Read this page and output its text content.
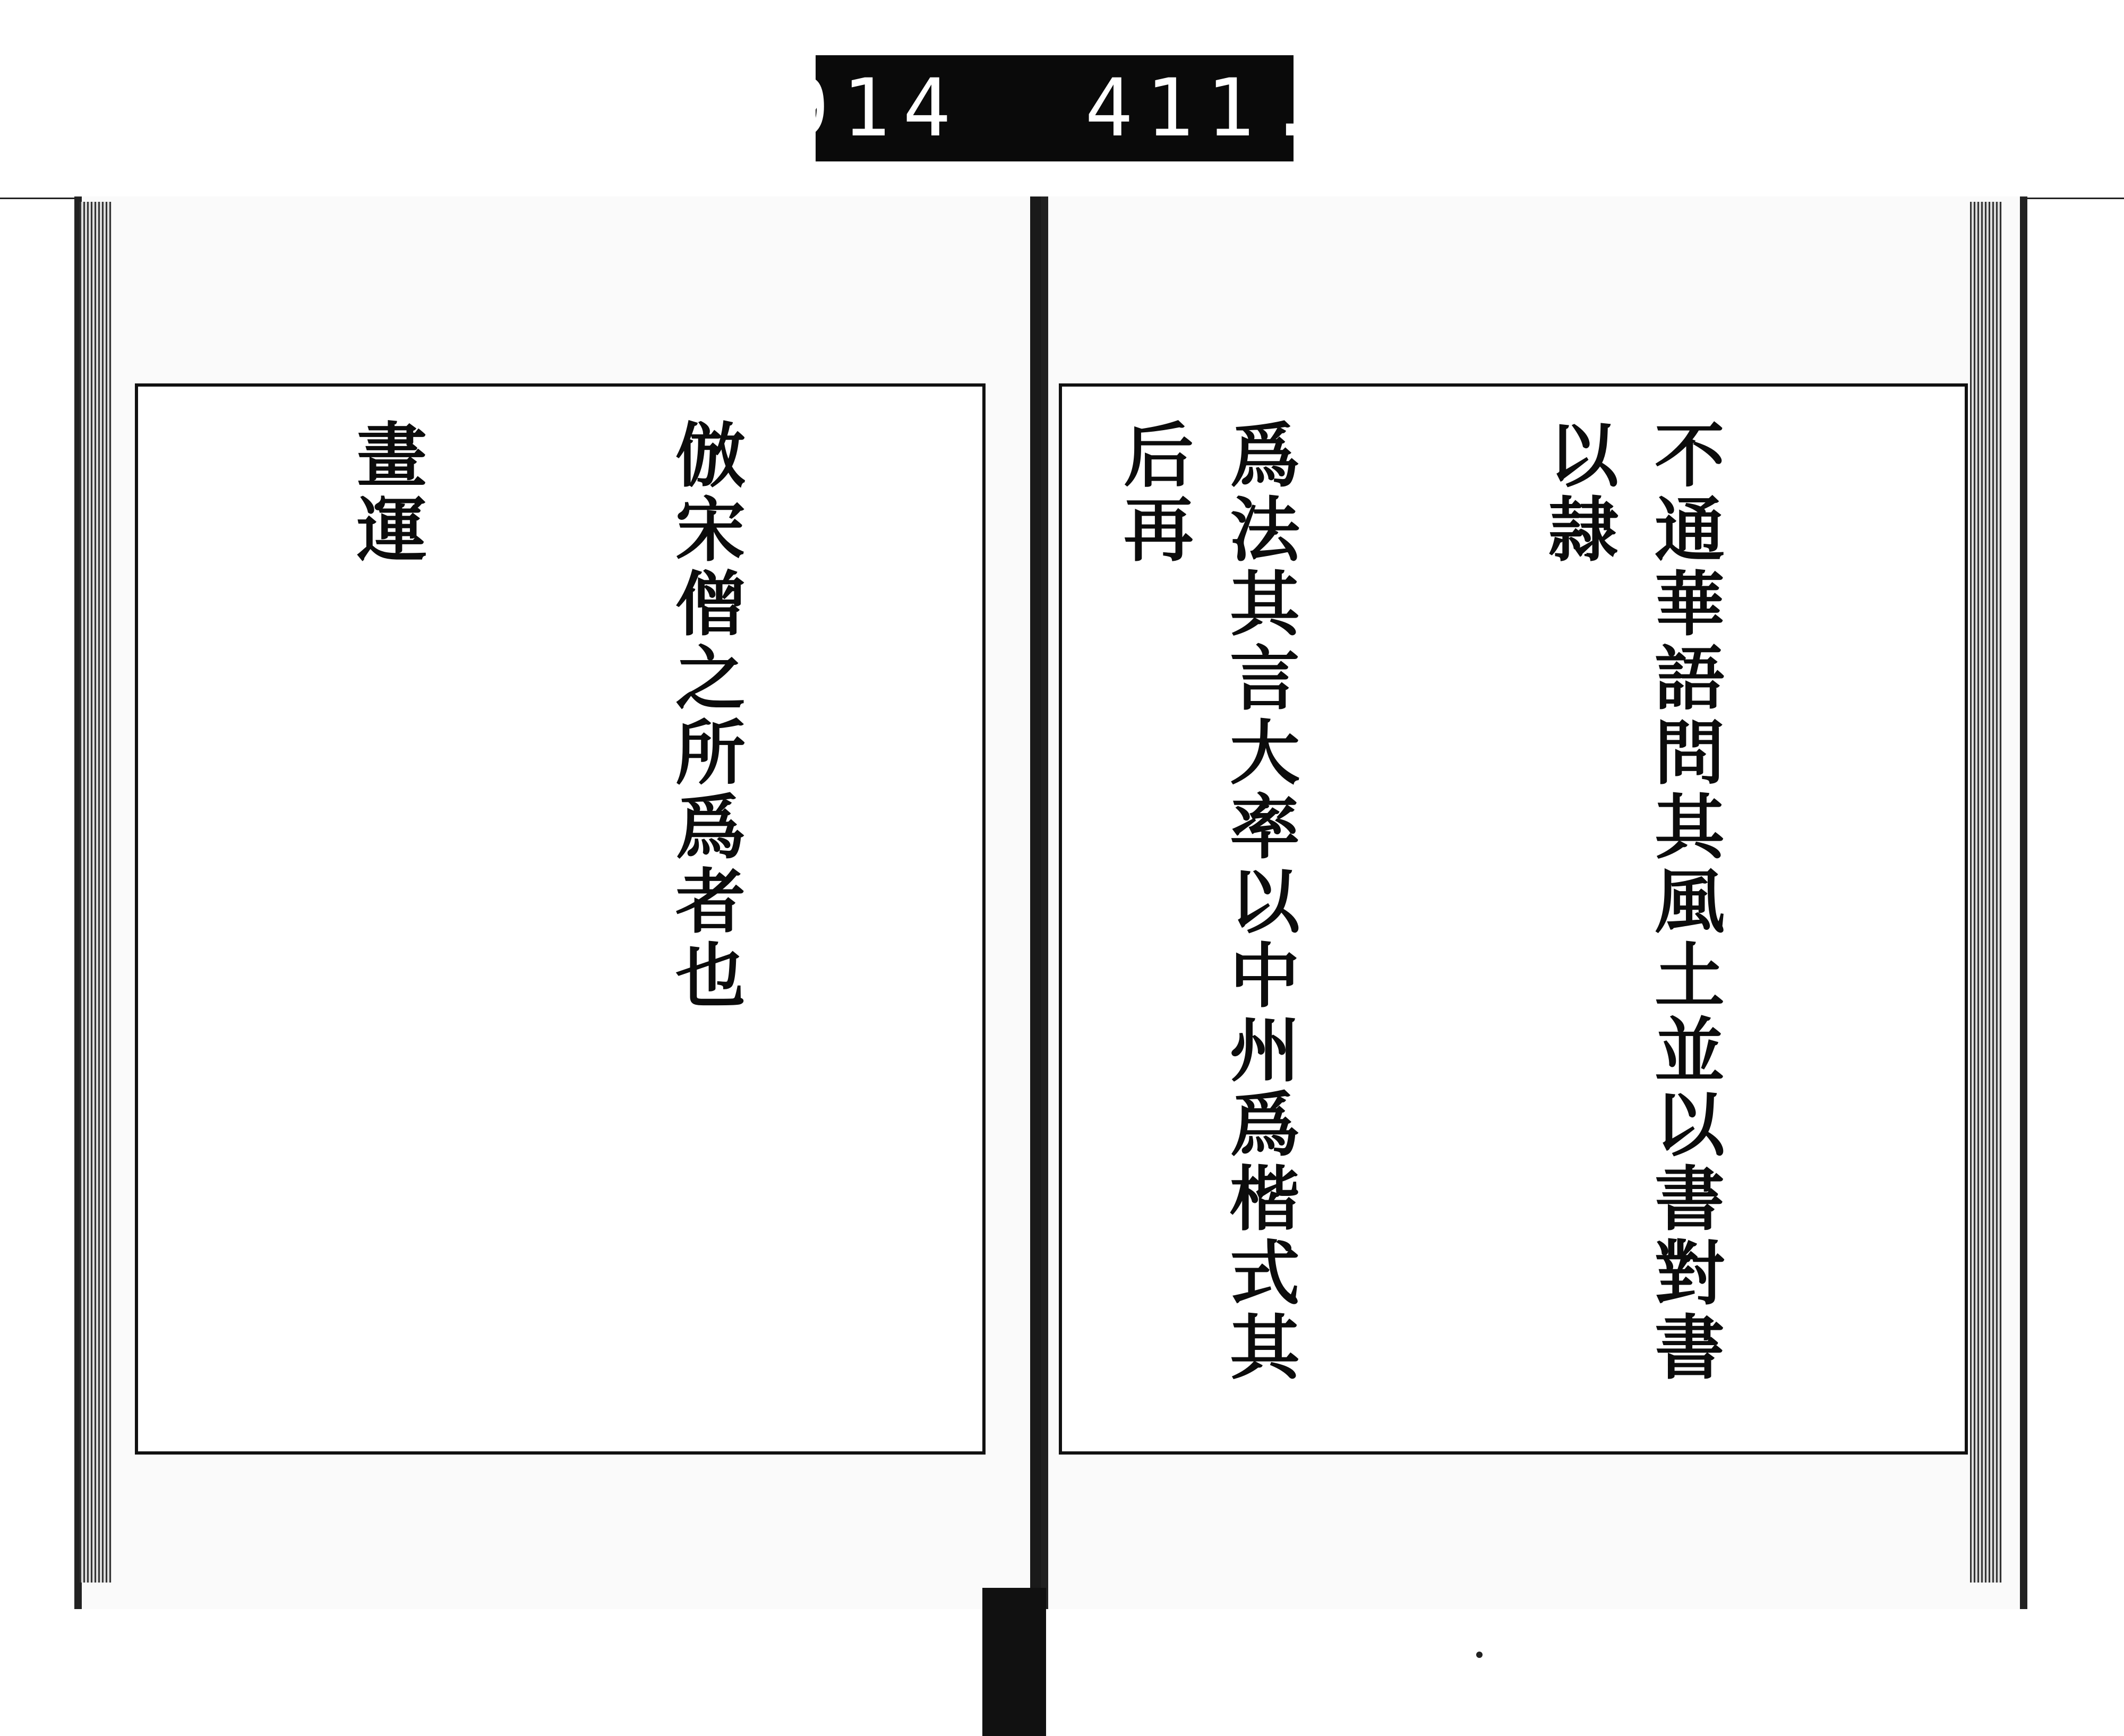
914  411.

倣宋僧之所爲者也

畫運

	不通華語問其風土並以書對書以隷

爲法其言大率以中州爲楷式其后再
